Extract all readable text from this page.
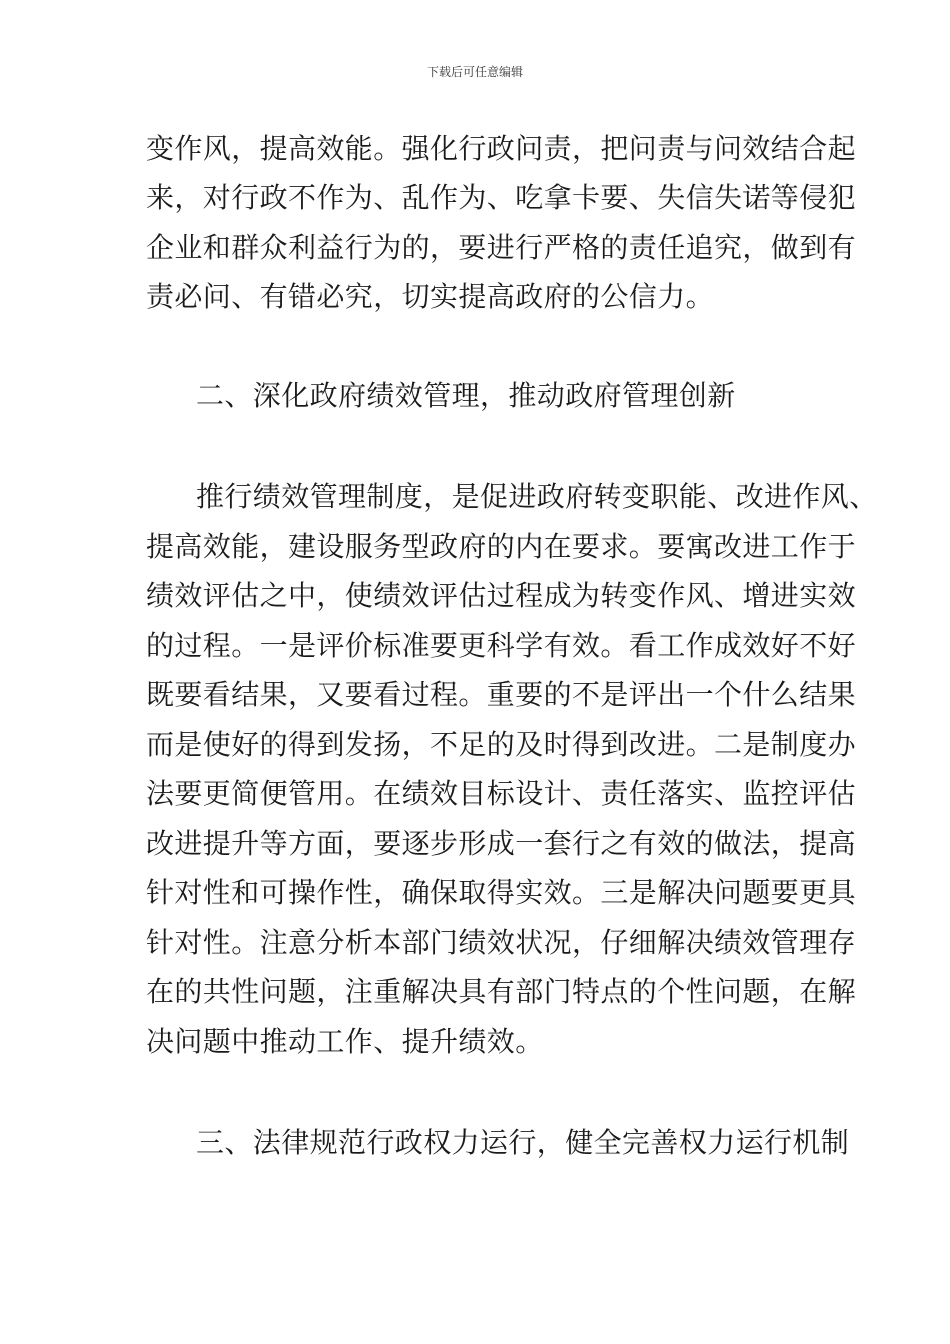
下载后可任意编辑
变作风，提高效能。强化行政问责，把问责与问效结合起
来，对行政不作为、乱作为、吃拿卡要、失信失诺等侵犯
企业和群众利益行为的，要进行严格的责任追究，做到有
责必问、有错必究，切实提高政府的公信力。
二、深化政府绩效管理，推动政府管理创新
推行绩效管理制度，是促进政府转变职能、改进作风、
提高效能，建设服务型政府的内在要求。要寓改进工作于
绩效评估之中，使绩效评估过程成为转变作风、增进实效
的过程。一是评价标准要更科学有效。看工作成效好不好
既要看结果，又要看过程。重要的不是评出一个什么结果
而是使好的得到发扬，不足的及时得到改进。二是制度办
法要更简便管用。在绩效目标设计、责任落实、监控评估
改进提升等方面，要逐步形成一套行之有效的做法，提高
针对性和可操作性，确保取得实效。三是解决问题要更具
针对性。注意分析本部门绩效状况，仔细解决绩效管理存
在的共性问题，注重解决具有部门特点的个性问题，在解
决问题中推动工作、提升绩效。
三、法律规范行政权力运行，健全完善权力运行机制
